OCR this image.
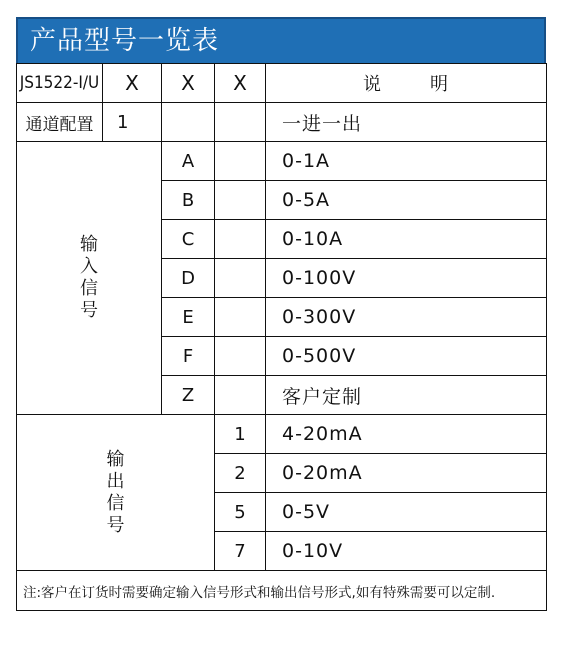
产品型号一览表
JS1522-I/U	X	X	X	说 明
通道配置	1			一进一出
输入信号		A		0-1A
		B		0-5A
		C		0-10A
		D		0-100V
		E		0-300V
		F		0-500V
		Z		客户定制
输出信号			1	4-20mA
			2	0-20mA
			5	0-5V
			7	0-10V
注:客户在订货时需要确定输入信号形式和输出信号形式,如有特殊需要可以定制.				
